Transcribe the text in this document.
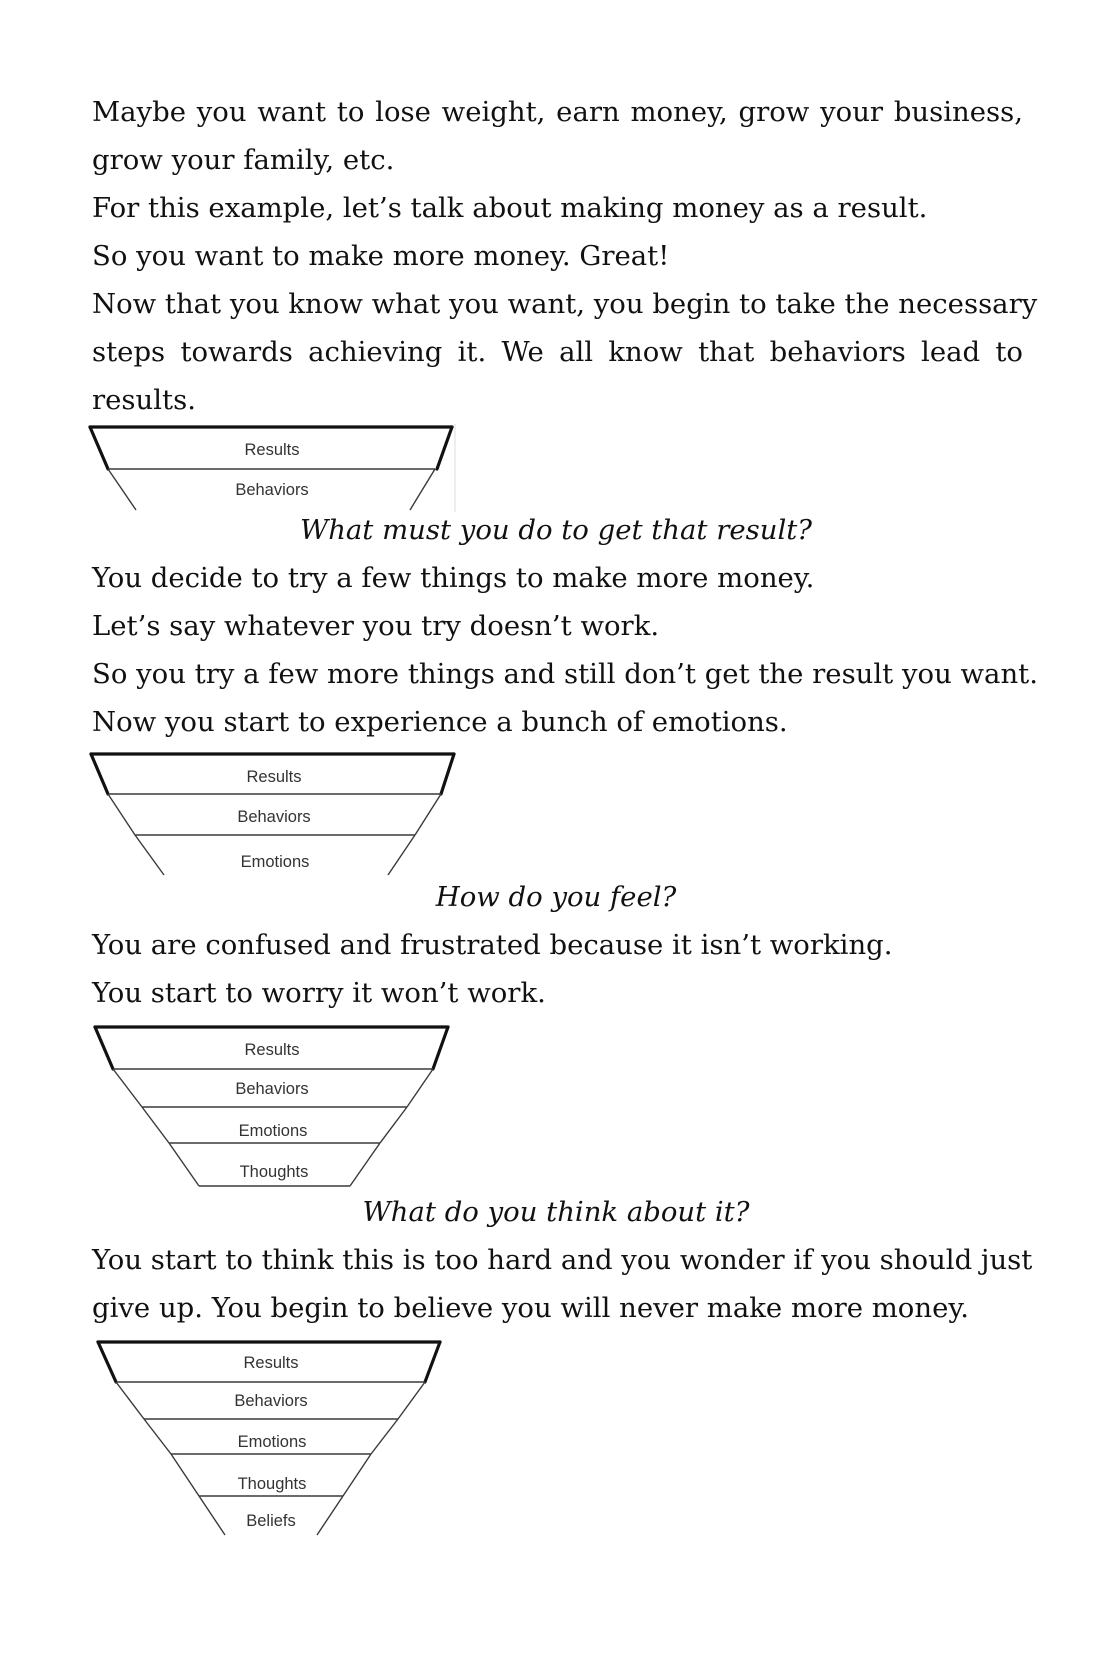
Maybe you want to lose weight, earn money, grow your business,

grow your family, etc.

For this example, let’s talk about making money as a result.

So you want to make more money. Great!

Now that you know what you want, you begin to take the necessary

steps towards achieving it. We all know that behaviors lead to

results.

Results
Behaviors

What must you do to get that result?

You decide to try a few things to make more money.

Let’s say whatever you try doesn’t work.

So you try a few more things and still don’t get the result you want.

Now you start to experience a bunch of emotions.

Results
Behaviors
Emotions

How do you feel?

You are confused and frustrated because it isn’t working.

You start to worry it won’t work.

Results
Behaviors
Emotions
Thoughts

What do you think about it?

You start to think this is too hard and you wonder if you should just

give up. You begin to believe you will never make more money.

Results
Behaviors
Emotions
Thoughts
Beliefs
